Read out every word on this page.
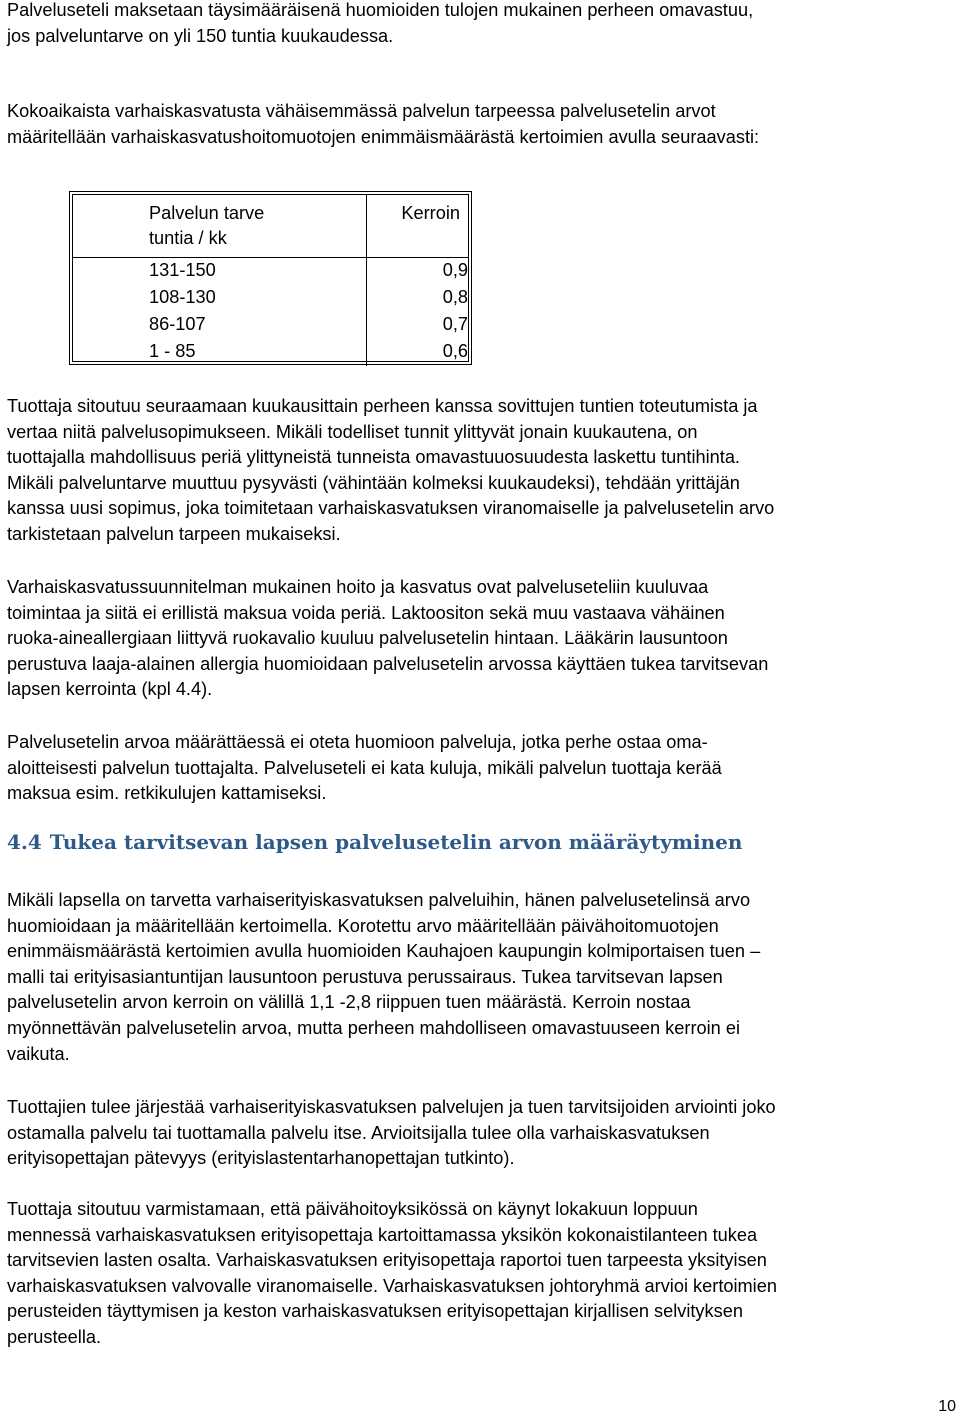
Palveluseteli maksetaan täysimääräisenä huomioiden tulojen mukainen perheen omavastuu,
jos palveluntarve on yli 150 tuntia kuukaudessa.
Kokoaikaista varhaiskasvatusta vähäisemmässä palvelun tarpeessa palvelusetelin arvot
määritellään varhaiskasvatushoitomuotojen enimmäismäärästä kertoimien avulla seuraavasti:
Palvelun tarve
tuntia / kk	Kerroin
131-150	0,9
108-130	0,8
86-107	0,7
1 - 85	0,6
Tuottaja sitoutuu seuraamaan kuukausittain perheen kanssa sovittujen tuntien toteutumista ja
vertaa niitä palvelusopimukseen. Mikäli todelliset tunnit ylittyvät jonain kuukautena, on
tuottajalla mahdollisuus periä ylittyneistä tunneista omavastuuosuudesta laskettu tuntihinta.
Mikäli palveluntarve muuttuu pysyvästi (vähintään kolmeksi kuukaudeksi), tehdään yrittäjän
kanssa uusi sopimus, joka toimitetaan varhaiskasvatuksen viranomaiselle ja palvelusetelin arvo
tarkistetaan palvelun tarpeen mukaiseksi.
Varhaiskasvatussuunnitelman mukainen hoito ja kasvatus ovat palveluseteliin kuuluvaa
toimintaa ja siitä ei erillistä maksua voida periä. Laktoositon sekä muu vastaava vähäinen
ruoka-aineallergiaan liittyvä ruokavalio kuuluu palvelusetelin hintaan. Lääkärin lausuntoon
perustuva laaja-alainen allergia huomioidaan palvelusetelin arvossa käyttäen tukea tarvitsevan
lapsen kerrointa (kpl 4.4).
Palvelusetelin arvoa määrättäessä ei oteta huomioon palveluja, jotka perhe ostaa oma-
aloitteisesti palvelun tuottajalta. Palveluseteli ei kata kuluja, mikäli palvelun tuottaja kerää
maksua esim. retkikulujen kattamiseksi.
4.4 Tukea tarvitsevan lapsen palvelusetelin arvon määräytyminen
Mikäli lapsella on tarvetta varhaiserityiskasvatuksen palveluihin, hänen palvelusetelinsä arvo
huomioidaan ja määritellään kertoimella. Korotettu arvo määritellään päivähoitomuotojen
enimmäismäärästä kertoimien avulla huomioiden Kauhajoen kaupungin kolmiportaisen tuen –
malli tai erityisasiantuntijan lausuntoon perustuva perussairaus. Tukea tarvitsevan lapsen
palvelusetelin arvon kerroin on välillä 1,1 -2,8 riippuen tuen määrästä. Kerroin nostaa
myönnettävän palvelusetelin arvoa, mutta perheen mahdolliseen omavastuuseen kerroin ei
vaikuta.
Tuottajien tulee järjestää varhaiserityiskasvatuksen palvelujen ja tuen tarvitsijoiden arviointi joko
ostamalla palvelu tai tuottamalla palvelu itse. Arvioitsijalla tulee olla varhaiskasvatuksen
erityisopettajan pätevyys (erityislastentarhanopettajan tutkinto).
Tuottaja sitoutuu varmistamaan, että päivähoitoyksikössä on käynyt lokakuun loppuun
mennessä varhaiskasvatuksen erityisopettaja kartoittamassa yksikön kokonaistilanteen tukea
tarvitsevien lasten osalta. Varhaiskasvatuksen erityisopettaja raportoi tuen tarpeesta yksityisen
varhaiskasvatuksen valvovalle viranomaiselle. Varhaiskasvatuksen johtoryhmä arvioi kertoimien
perusteiden täyttymisen ja keston varhaiskasvatuksen erityisopettajan kirjallisen selvityksen
perusteella.
10
